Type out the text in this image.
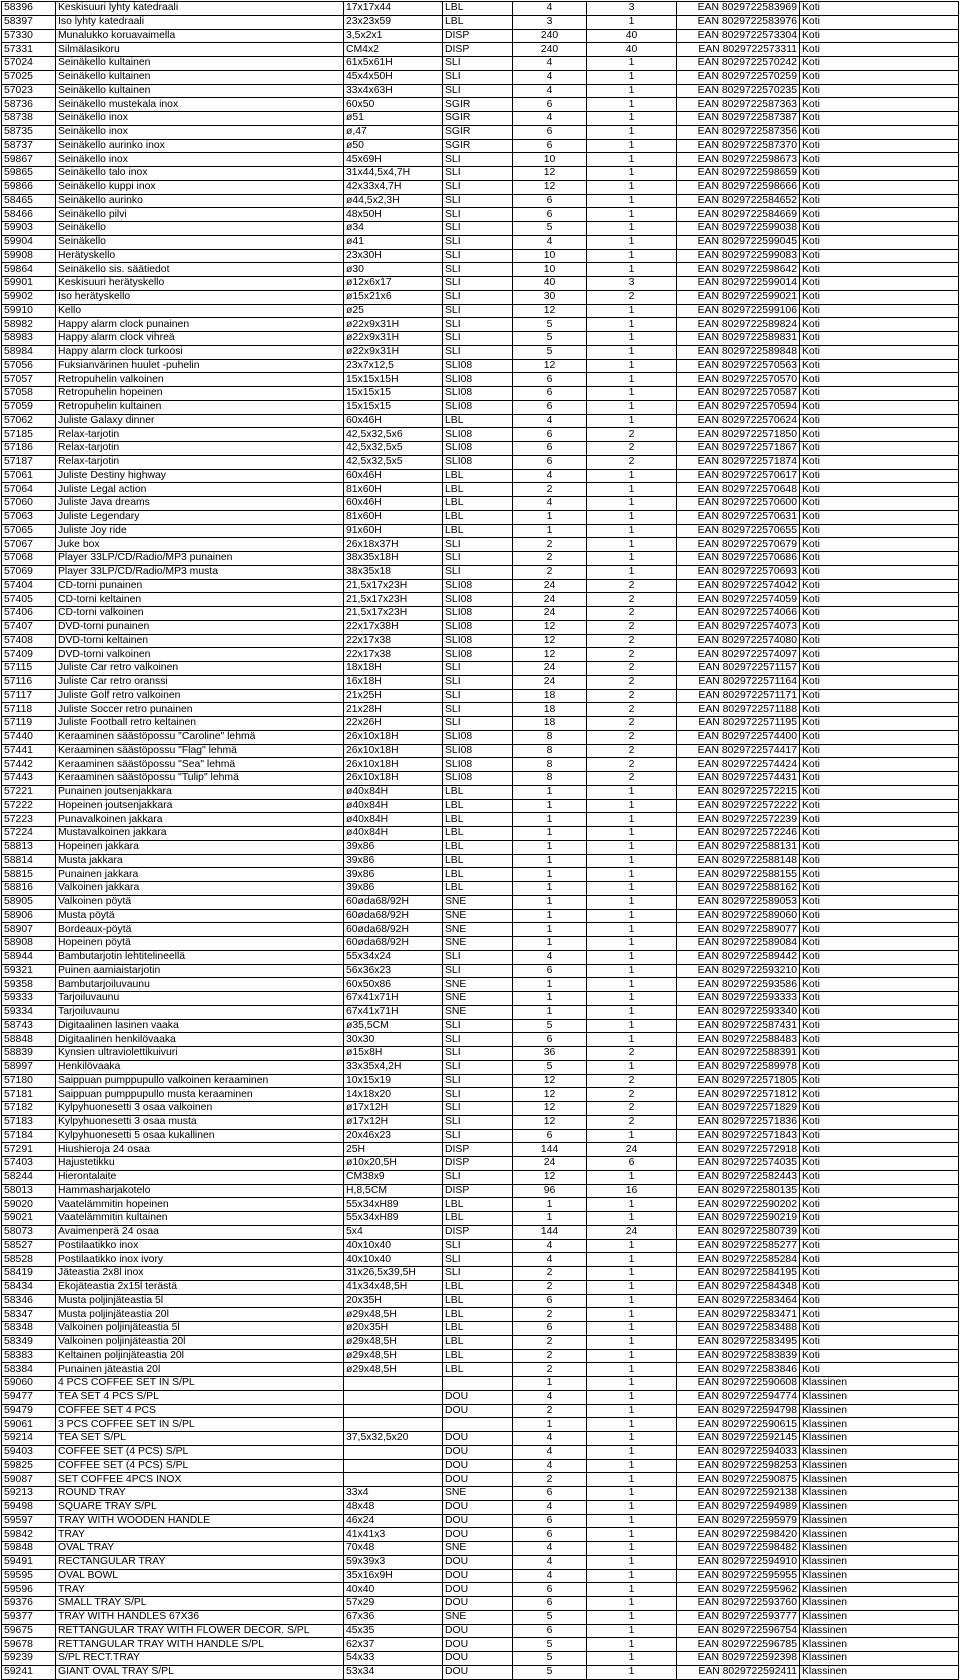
58396	Keskisuuri lyhty katedraali	17x17x44	LBL	4	3	EAN 8029722583969	Koti
58397	Iso lyhty katedraali	23x23x59	LBL	3	1	EAN 8029722583976	Koti
57330	Munalukko koruavaimella	3,5x2x1	DISP	240	40	EAN 8029722573304	Koti
57331	Silmälasikoru	CM4x2	DISP	240	40	EAN 8029722573311	Koti
57024	Seinäkello kultainen	61x5x61H	SLI	4	1	EAN 8029722570242	Koti
57025	Seinäkello kultainen	45x4x50H	SLI	4	1	EAN 8029722570259	Koti
57023	Seinäkello kultainen	33x4x63H	SLI	4	1	EAN 8029722570235	Koti
58736	Seinäkello mustekala inox	60x50	SGIR	6	1	EAN 8029722587363	Koti
58738	Seinäkello inox	ø51	SGIR	4	1	EAN 8029722587387	Koti
58735	Seinäkello inox	ø,47	SGIR	6	1	EAN 8029722587356	Koti
58737	Seinäkello aurinko inox	ø50	SGIR	6	1	EAN 8029722587370	Koti
59867	Seinäkello inox	45x69H	SLI	10	1	EAN 8029722598673	Koti
59865	Seinäkello talo inox	31x44,5x4,7H	SLI	12	1	EAN 8029722598659	Koti
59866	Seinäkello kuppi inox	42x33x4,7H	SLI	12	1	EAN 8029722598666	Koti
58465	Seinäkello aurinko	ø44,5x2,3H	SLI	6	1	EAN 8029722584652	Koti
58466	Seinäkello pilvi	48x50H	SLI	6	1	EAN 8029722584669	Koti
59903	Seinäkello	ø34	SLI	5	1	EAN 8029722599038	Koti
59904	Seinäkello	ø41	SLI	4	1	EAN 8029722599045	Koti
59908	Herätyskello	23x30H	SLI	10	1	EAN 8029722599083	Koti
59864	Seinäkello sis. säätiedot	ø30	SLI	10	1	EAN 8029722598642	Koti
59901	Keskisuuri herätyskello	ø12x6x17	SLI	40	3	EAN 8029722599014	Koti
59902	Iso herätyskello	ø15x21x6	SLI	30	2	EAN 8029722599021	Koti
59910	Kello	ø25	SLI	12	1	EAN 8029722599106	Koti
58982	Happy alarm clock punainen	ø22x9x31H	SLI	5	1	EAN 8029722589824	Koti
58983	Happy alarm clock vihreä	ø22x9x31H	SLI	5	1	EAN 8029722589831	Koti
58984	Happy alarm clock turkoosi	ø22x9x31H	SLI	5	1	EAN 8029722589848	Koti
57056	Fuksianvärinen huulet -puhelin	23x7x12,5	SLI08	12	1	EAN 8029722570563	Koti
57057	Retropuhelin valkoinen	15x15x15H	SLI08	6	1	EAN 8029722570570	Koti
57058	Retropuhelin hopeinen	15x15x15	SLI08	6	1	EAN 8029722570587	Koti
57059	Retropuhelin kultainen	15x15x15	SLI08	6	1	EAN 8029722570594	Koti
57062	Juliste Galaxy dinner	60x46H	LBL	4	1	EAN 8029722570624	Koti
57185	Relax-tarjotin	42,5x32,5x6	SLI08	6	2	EAN 8029722571850	Koti
57186	Relax-tarjotin	42,5x32,5x5	SLI08	6	2	EAN 8029722571867	Koti
57187	Relax-tarjotin	42,5x32,5x5	SLI08	6	2	EAN 8029722571874	Koti
57061	Juliste Destiny highway	60x46H	LBL	4	1	EAN 8029722570617	Koti
57064	Juliste Legal action	81x60H	LBL	2	1	EAN 8029722570648	Koti
57060	Juliste Java dreams	60x46H	LBL	4	1	EAN 8029722570600	Koti
57063	Juliste Legendary	81x60H	LBL	1	1	EAN 8029722570631	Koti
57065	Juliste Joy ride	91x60H	LBL	1	1	EAN 8029722570655	Koti
57067	Juke box	26x18x37H	SLI	2	1	EAN 8029722570679	Koti
57068	Player 33LP/CD/Radio/MP3 punainen	38x35x18H	SLI	2	1	EAN 8029722570686	Koti
57069	Player 33LP/CD/Radio/MP3 musta	38x35x18	SLI	2	1	EAN 8029722570693	Koti
57404	CD-torni punainen	21,5x17x23H	SLI08	24	2	EAN 8029722574042	Koti
57405	CD-torni keltainen	21,5x17x23H	SLI08	24	2	EAN 8029722574059	Koti
57406	CD-torni valkoinen	21,5x17x23H	SLI08	24	2	EAN 8029722574066	Koti
57407	DVD-torni punainen	22x17x38H	SLI08	12	2	EAN 8029722574073	Koti
57408	DVD-torni keltainen	22x17x38	SLI08	12	2	EAN 8029722574080	Koti
57409	DVD-torni valkoinen	22x17x38	SLI08	12	2	EAN 8029722574097	Koti
57115	Juliste Car retro valkoinen	18x18H	SLI	24	2	EAN 8029722571157	Koti
57116	Juliste Car retro oranssi	16x18H	SLI	24	2	EAN 8029722571164	Koti
57117	Juliste Golf retro valkoinen	21x25H	SLI	18	2	EAN 8029722571171	Koti
57118	Juliste Soccer retro punainen	21x28H	SLI	18	2	EAN 8029722571188	Koti
57119	Juliste Football retro keltainen	22x26H	SLI	18	2	EAN 8029722571195	Koti
57440	Keraaminen säästöpossu "Caroline" lehmä	26x10x18H	SLI08	8	2	EAN 8029722574400	Koti
57441	Keraaminen säästöpossu "Flag" lehmä	26x10x18H	SLI08	8	2	EAN 8029722574417	Koti
57442	Keraaminen säästöpossu "Sea" lehmä	26x10x18H	SLI08	8	2	EAN 8029722574424	Koti
57443	Keraaminen säästöpossu "Tulip" lehmä	26x10x18H	SLI08	8	2	EAN 8029722574431	Koti
57221	Punainen joutsenjakkara	ø40x84H	LBL	1	1	EAN 8029722572215	Koti
57222	Hopeinen joutsenjakkara	ø40x84H	LBL	1	1	EAN 8029722572222	Koti
57223	Punavalkoinen jakkara	ø40x84H	LBL	1	1	EAN 8029722572239	Koti
57224	Mustavalkoinen jakkara	ø40x84H	LBL	1	1	EAN 8029722572246	Koti
58813	Hopeinen jakkara	39x86	LBL	1	1	EAN 8029722588131	Koti
58814	Musta jakkara	39x86	LBL	1	1	EAN 8029722588148	Koti
58815	Punainen jakkara	39x86	LBL	1	1	EAN 8029722588155	Koti
58816	Valkoinen jakkara	39x86	LBL	1	1	EAN 8029722588162	Koti
58905	Valkoinen pöytä	60øda68/92H	SNE	1	1	EAN 8029722589053	Koti
58906	Musta pöytä	60øda68/92H	SNE	1	1	EAN 8029722589060	Koti
58907	Bordeaux-pöytä	60øda68/92H	SNE	1	1	EAN 8029722589077	Koti
58908	Hopeinen pöytä	60øda68/92H	SNE	1	1	EAN 8029722589084	Koti
58944	Bambutarjotin lehtitelineellä	55x34x24	SLI	4	1	EAN 8029722589442	Koti
59321	Puinen aamiaistarjotin	56x36x23	SLI	6	1	EAN 8029722593210	Koti
59358	Bambutarjoiluvaunu	60x50x86	SNE	1	1	EAN 8029722593586	Koti
59333	Tarjoiluvaunu	67x41x71H	SNE	1	1	EAN 8029722593333	Koti
59334	Tarjoiluvaunu	67x41x71H	SNE	1	1	EAN 8029722593340	Koti
58743	Digitaalinen lasinen vaaka	ø35,5CM	SLI	5	1	EAN 8029722587431	Koti
58848	Digitaalinen henkilövaaka	30x30	SLI	6	1	EAN 8029722588483	Koti
58839	Kynsien ultraviolettikuivuri	ø15x8H	SLI	36	2	EAN 8029722588391	Koti
58997	Henkilövaaka	33x35x4,2H	SLI	5	1	EAN 8029722589978	Koti
57180	Saippuan pumppupullo valkoinen keraaminen	10x15x19	SLI	12	2	EAN 8029722571805	Koti
57181	Saippuan pumppupullo musta keraaminen	14x18x20	SLI	12	2	EAN 8029722571812	Koti
57182	Kylpyhuonesetti 3 osaa valkoinen	ø17x12H	SLI	12	2	EAN 8029722571829	Koti
57183	Kylpyhuonesetti 3 osaa musta	ø17x12H	SLI	12	2	EAN 8029722571836	Koti
57184	Kylpyhuonesetti 5 osaa kukallinen	20x46x23	SLI	6	1	EAN 8029722571843	Koti
57291	Hiushieroja 24 osaa	25H	DISP	144	24	EAN 8029722572918	Koti
57403	Hajustetikku	ø10x20,5H	DISP	24	6	EAN 8029722574035	Koti
58244	Hierontalaite	CM38x9	SLI	12	1	EAN 8029722582443	Koti
58013	Hammasharjakotelo	H,8,5CM	DISP	96	16	EAN 8029722580135	Koti
59020	Vaatelämmitin hopeinen	55x34xH89	LBL	1	1	EAN 8029722590202	Koti
59021	Vaatelämmitin kultainen	55x34xH89	LBL	1	1	EAN 8029722590219	Koti
58073	Avaimenperä 24 osaa	5x4	DISP	144	24	EAN 8029722580739	Koti
58527	Postilaatikko inox	40x10x40	SLI	4	1	EAN 8029722585277	Koti
58528	Postilaatikko inox ivory	40x10x40	SLI	4	1	EAN 8029722585284	Koti
58419	Jäteastia 2x8l inox	31x26,5x39,5H	SLI	2	1	EAN 8029722584195	Koti
58434	Ekojäteastia 2x15l terästä	41x34x48,5H	LBL	2	1	EAN 8029722584348	Koti
58346	Musta poljinjäteastia 5l	20x35H	LBL	6	1	EAN 8029722583464	Koti
58347	Musta poljinjäteastia 20l	ø29x48,5H	LBL	2	1	EAN 8029722583471	Koti
58348	Valkoinen poljinjäteastia 5l	ø20x35H	LBL	6	1	EAN 8029722583488	Koti
58349	Valkoinen poljinjäteastia 20l	ø29x48,5H	LBL	2	1	EAN 8029722583495	Koti
58383	Keltainen poljinjäteastia 20l	ø29x48,5H	LBL	2	1	EAN 8029722583839	Koti
58384	Punainen jäteastia 20l	ø29x48,5H	LBL	2	1	EAN 8029722583846	Koti
59060	4 PCS COFFEE SET IN S/PL			1	1	EAN 8029722590608	Klassinen
59477	TEA SET 4 PCS S/PL		DOU	4	1	EAN 8029722594774	Klassinen
59479	COFFEE SET 4 PCS		DOU	2	1	EAN 8029722594798	Klassinen
59061	3 PCS COFFEE SET IN S/PL			1	1	EAN 8029722590615	Klassinen
59214	TEA SET S/PL	37,5x32,5x20	DOU	4	1	EAN 8029722592145	Klassinen
59403	COFFEE SET (4 PCS) S/PL		DOU	4	1	EAN 8029722594033	Klassinen
59825	COFFEE SET (4 PCS) S/PL		DOU	4	1	EAN 8029722598253	Klassinen
59087	SET COFFEE 4PCS INOX		DOU	2	1	EAN 8029722590875	Klassinen
59213	ROUND TRAY	33x4	SNE	6	1	EAN 8029722592138	Klassinen
59498	SQUARE TRAY S/PL	48x48	DOU	4	1	EAN 8029722594989	Klassinen
59597	TRAY WITH WOODEN HANDLE	46x24	DOU	6	1	EAN 8029722595979	Klassinen
59842	TRAY	41x41x3	DOU	6	1	EAN 8029722598420	Klassinen
59848	OVAL TRAY	70x48	SNE	4	1	EAN 8029722598482	Klassinen
59491	RECTANGULAR TRAY	59x39x3	DOU	4	1	EAN 8029722594910	Klassinen
59595	OVAL BOWL	35x16x9H	DOU	4	1	EAN 8029722595955	Klassinen
59596	TRAY	40x40	DOU	6	1	EAN 8029722595962	Klassinen
59376	SMALL TRAY S/PL	57x29	DOU	6	1	EAN 8029722593760	Klassinen
59377	TRAY WITH HANDLES 67X36	67x36	SNE	5	1	EAN 8029722593777	Klassinen
59675	RETTANGULAR TRAY WITH FLOWER DECOR. S/PL	45x35	DOU	6	1	EAN 8029722596754	Klassinen
59678	RETTANGULAR TRAY WITH HANDLE S/PL	62x37	DOU	5	1	EAN 8029722596785	Klassinen
59239	S/PL RECT.TRAY	54x33	DOU	5	1	EAN 8029722592398	Klassinen
59241	GIANT OVAL TRAY S/PL	53x34	DOU	5	1	EAN 8029722592411	Klassinen
